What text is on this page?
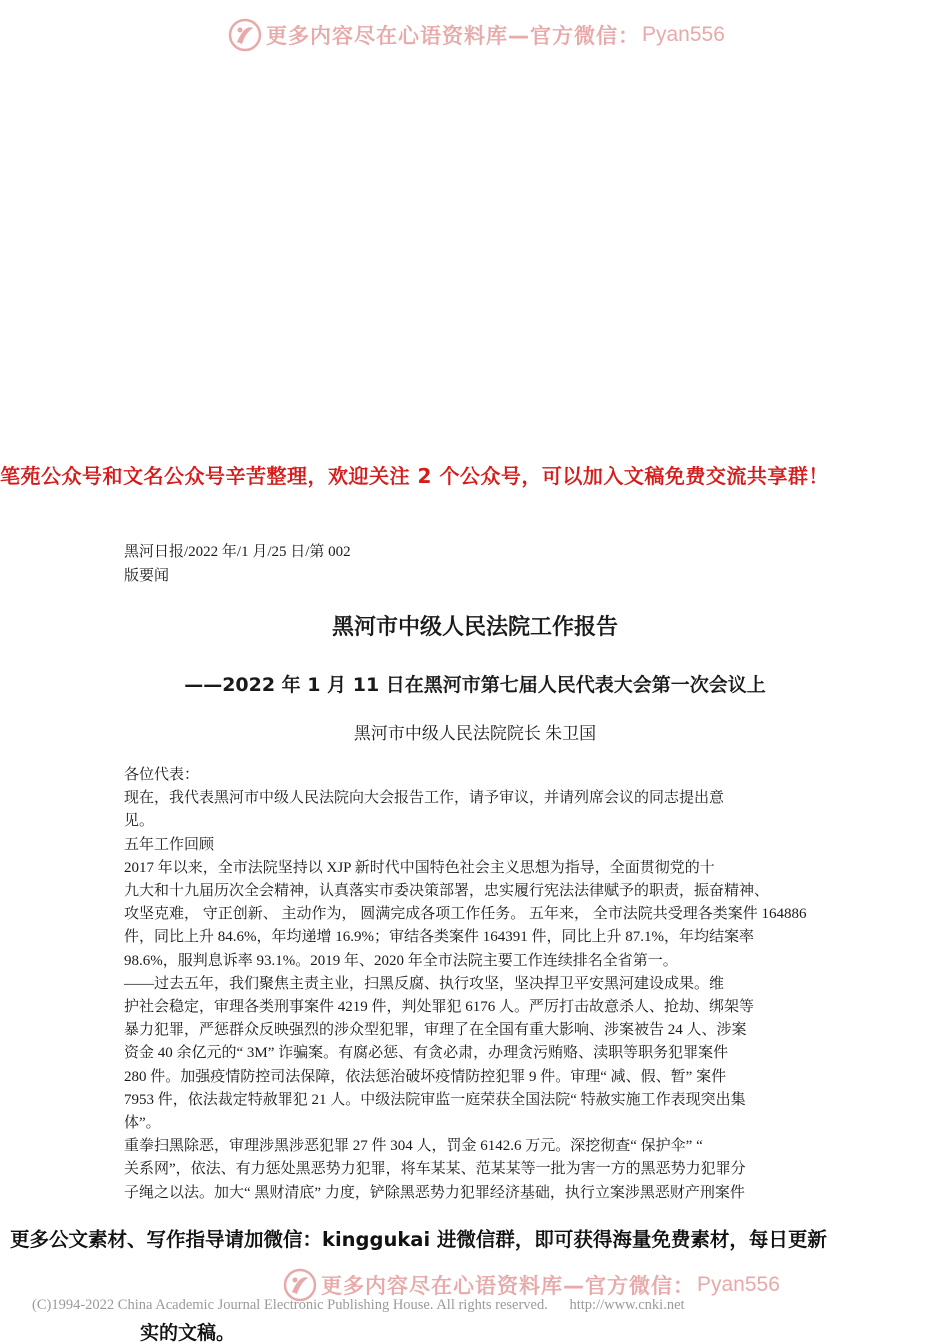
更多内容尽在心语资料库—官方微信： Pyan556
笔苑公众号和文名公众号辛苦整理，欢迎关注 2 个公众号，可以加入文稿免费交流共享群！
黑河日报/2022 年/1 月/25 日/第 002
版要闻
黑河市中级人民法院工作报告
——2022 年 1 月 11 日在黑河市第七届人民代表大会第一次会议上
黑河市中级人民法院院长 朱卫国
各位代表：
现在，我代表黑河市中级人民法院向大会报告工作，请予审议，并请列席会议的同志提出意
见。
五年工作回顾
2017 年以来，全市法院坚持以 XJP 新时代中国特色社会主义思想为指导，全面贯彻党的十
九大和十九届历次全会精神，认真落实市委决策部署，忠实履行宪法法律赋予的职责，振奋精神、
攻坚克难， 守正创新、 主动作为， 圆满完成各项工作任务。 五年来， 全市法院共受理各类案件 164886
件，同比上升 84.6%，年均递增 16.9%；审结各类案件 164391 件，同比上升 87.1%，年均结案率
98.6%，服判息诉率 93.1%。2019 年、2020 年全市法院主要工作连续排名全省第一。
——过去五年，我们聚焦主责主业，扫黑反腐、执行攻坚，坚决捍卫平安黑河建设成果。维
护社会稳定，审理各类刑事案件 4219 件，判处罪犯 6176 人。严厉打击故意杀人、抢劫、绑架等
暴力犯罪，严惩群众反映强烈的涉众型犯罪，审理了在全国有重大影响、涉案被告 24 人、涉案
资金 40 余亿元的“ 3M” 诈骗案。有腐必惩、有贪必肃，办理贪污贿赂、渎职等职务犯罪案件
280 件。加强疫情防控司法保障，依法惩治破坏疫情防控犯罪 9 件。审理“ 减、假、暂” 案件
7953 件，依法裁定特赦罪犯 21 人。中级法院审监一庭荣获全国法院“ 特赦实施工作表现突出集
体”。
重拳扫黑除恶，审理涉黑涉恶犯罪 27 件 304 人，罚金 6142.6 万元。深挖彻查“ 保护伞” “
关系网”，依法、有力惩处黑恶势力犯罪，将车某某、范某某等一批为害一方的黑恶势力犯罪分
子绳之以法。加大“ 黑财清底” 力度，铲除黑恶势力犯罪经济基础，执行立案涉黑恶财产刑案件
更多公文素材、写作指导请加微信：kinggukai 进微信群，即可获得海量免费素材，每日更新
更多内容尽在心语资料库—官方微信： Pyan556
(C)1994-2022 China Academic Journal Electronic Publishing House. All rights reserved. http://www.cnki.net
实的文稿。
